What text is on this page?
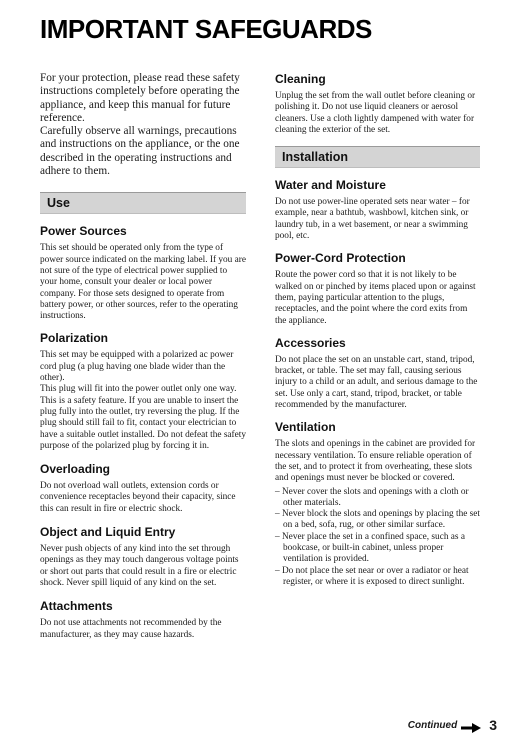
IMPORTANT SAFEGUARDS

For your protection, please read these safety instructions completely before operating the appliance, and keep this manual for future reference.

Carefully observe all warnings, precautions and instructions on the appliance, or the one described in the operating instructions and adhere to them.

Use
Power Sources

This set should be operated only from the type of power source indicated on the marking label. If you are not sure of the type of electrical power supplied to your home, consult your dealer or local power company. For those sets designed to operate from battery power, or other sources, refer to the operating instructions.

Polarization

This set may be equipped with a polarized ac power cord plug (a plug having one blade wider than the other).

This plug will fit into the power outlet only one way. This is a safety feature. If you are unable to insert the plug fully into the outlet, try reversing the plug. If the plug should still fail to fit, contact your electrician to have a suitable outlet installed. Do not defeat the safety purpose of the polarized plug by forcing it in.

Overloading

Do not overload wall outlets, extension cords or convenience receptacles beyond their capacity, since this can result in fire or electric shock.

Object and Liquid Entry

Never push objects of any kind into the set through openings as they may touch dangerous voltage points or short out parts that could result in a fire or electric shock. Never spill liquid of any kind on the set.

Attachments

Do not use attachments not recommended by the manufacturer, as they may cause hazards.

Cleaning

Unplug the set from the wall outlet before cleaning or polishing it. Do not use liquid cleaners or aerosol cleaners. Use a cloth lightly dampened with water for cleaning the exterior of the set.

Installation
Water and Moisture

Do not use power-line operated sets near water – for example, near a bathtub, washbowl, kitchen sink, or laundry tub, in a wet basement, or near a swimming pool, etc.

Power-Cord Protection

Route the power cord so that it is not likely to be walked on or pinched by items placed upon or against them, paying particular attention to the plugs, receptacles, and the point where the cord exits from the appliance.

Accessories

Do not place the set on an unstable cart, stand, tripod, bracket, or table. The set may fall, causing serious injury to a child or an adult, and serious damage to the set. Use only a cart, stand, tripod, bracket, or table recommended by the manufacturer.

Ventilation

The slots and openings in the cabinet are provided for necessary ventilation. To ensure reliable operation of the set, and to protect it from overheating, these slots and openings must never be blocked or covered.

– Never cover the slots and openings with a cloth or other materials.
– Never block the slots and openings by placing the set on a bed, sofa, rug, or other similar surface.
– Never place the set in a confined space, such as a bookcase, or built-in cabinet, unless proper ventilation is provided.
– Do not place the set near or over a radiator or heat register, or where it is exposed to direct sunlight.
Continued 3
